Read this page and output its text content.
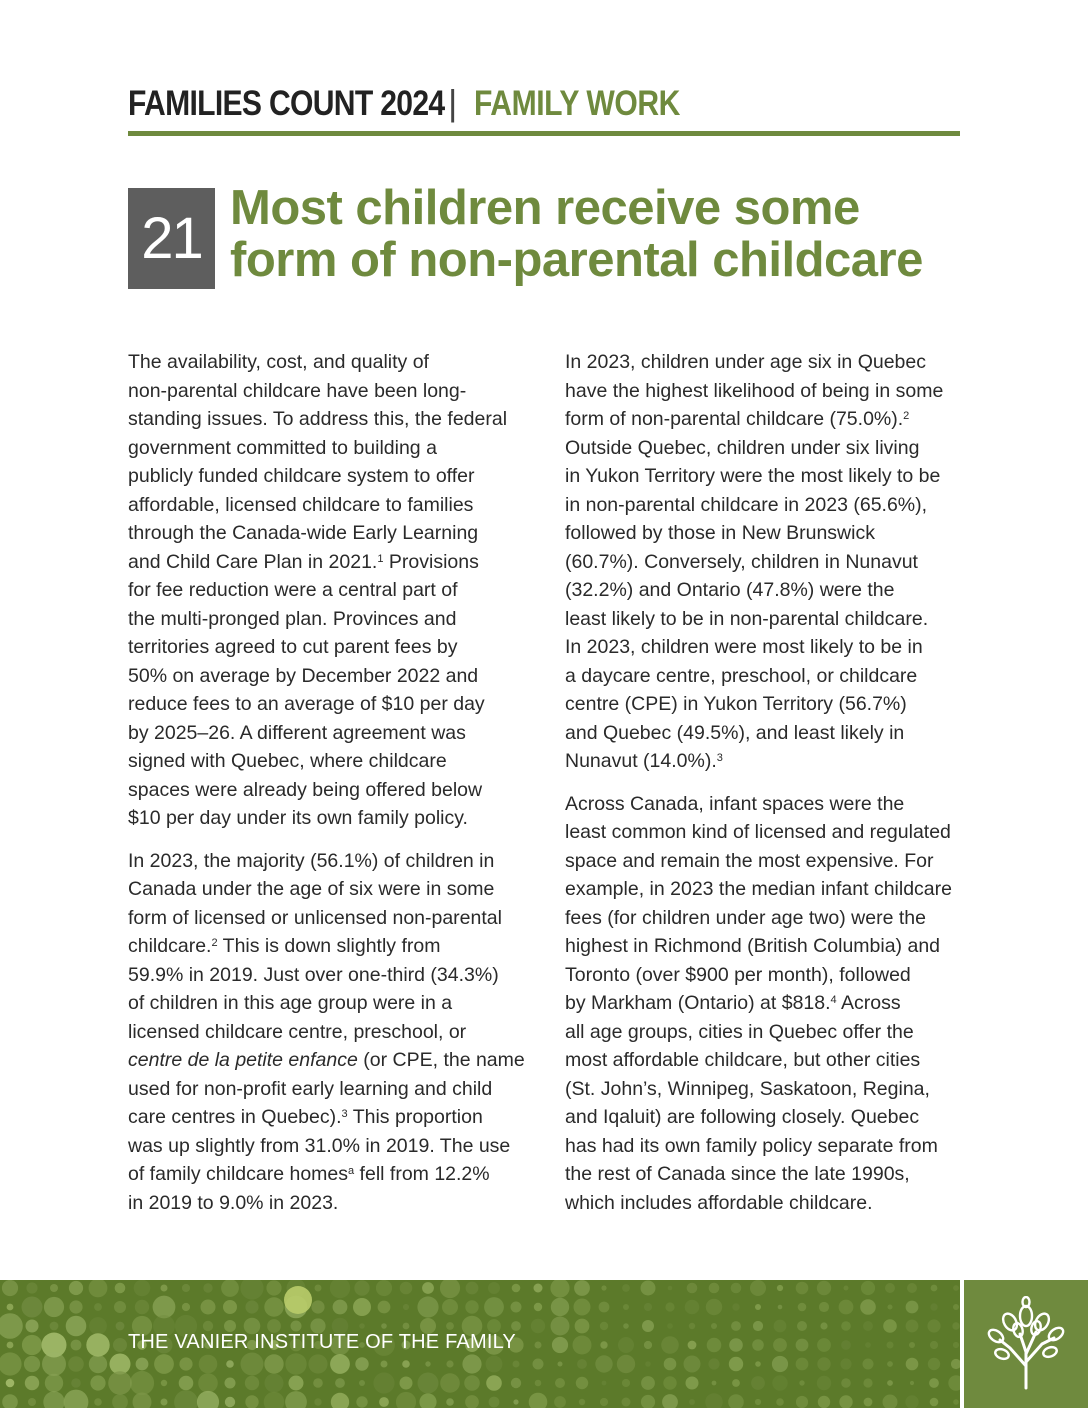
FAMILIES COUNT 2024 | FAMILY WORK
21 Most children receive some
form of non-parental childcare

The availability, cost, and quality of
non-parental childcare have been long-
standing issues. To address this, the federal
government committed to building a
publicly funded childcare system to offer
affordable, licensed childcare to families
through the Canada-wide Early Learning
and Child Care Plan in 2021.$^1$ Provisions
for fee reduction were a central part of
the multi-pronged plan. Provinces and
territories agreed to cut parent fees by
50% on average by December 2022 and
reduce fees to an average of $10 per day
by 2025–26. A different agreement was
signed with Quebec, where childcare
spaces were already being offered below
$10 per day under its own family policy.

In 2023, the majority (56.1%) of children in
Canada under the age of six were in some
form of licensed or unlicensed non-parental
childcare.$^2$ This is down slightly from
59.9% in 2019. Just over one-third (34.3%)
of children in this age group were in a
licensed childcare centre, preschool, or
centre de la petite enfance (or CPE, the name
used for non-profit early learning and child
care centres in Quebec).$^3$ This proportion
was up slightly from 31.0% in 2019. The use
of family childcare homes$^a$ fell from 12.2%
in 2019 to 9.0% in 2023.

In 2023, children under age six in Quebec
have the highest likelihood of being in some
form of non-parental childcare (75.0%).$^2$
Outside Quebec, children under six living
in Yukon Territory were the most likely to be
in non-parental childcare in 2023 (65.6%),
followed by those in New Brunswick
(60.7%). Conversely, children in Nunavut
(32.2%) and Ontario (47.8%) were the
least likely to be in non-parental childcare.
In 2023, children were most likely to be in
a daycare centre, preschool, or childcare
centre (CPE) in Yukon Territory (56.7%)
and Quebec (49.5%), and least likely in
Nunavut (14.0%).$^3$

Across Canada, infant spaces were the
least common kind of licensed and regulated
space and remain the most expensive. For
example, in 2023 the median infant childcare
fees (for children under age two) were the
highest in Richmond (British Columbia) and
Toronto (over $900 per month), followed
by Markham (Ontario) at $818.$^4$ Across
all age groups, cities in Quebec offer the
most affordable childcare, but other cities
(St. John’s, Winnipeg, Saskatoon, Regina,
and Iqaluit) are following closely. Quebec
has had its own family policy separate from
the rest of Canada since the late 1990s,
which includes affordable childcare.

THE VANIER INSTITUTE OF THE FAMILY
